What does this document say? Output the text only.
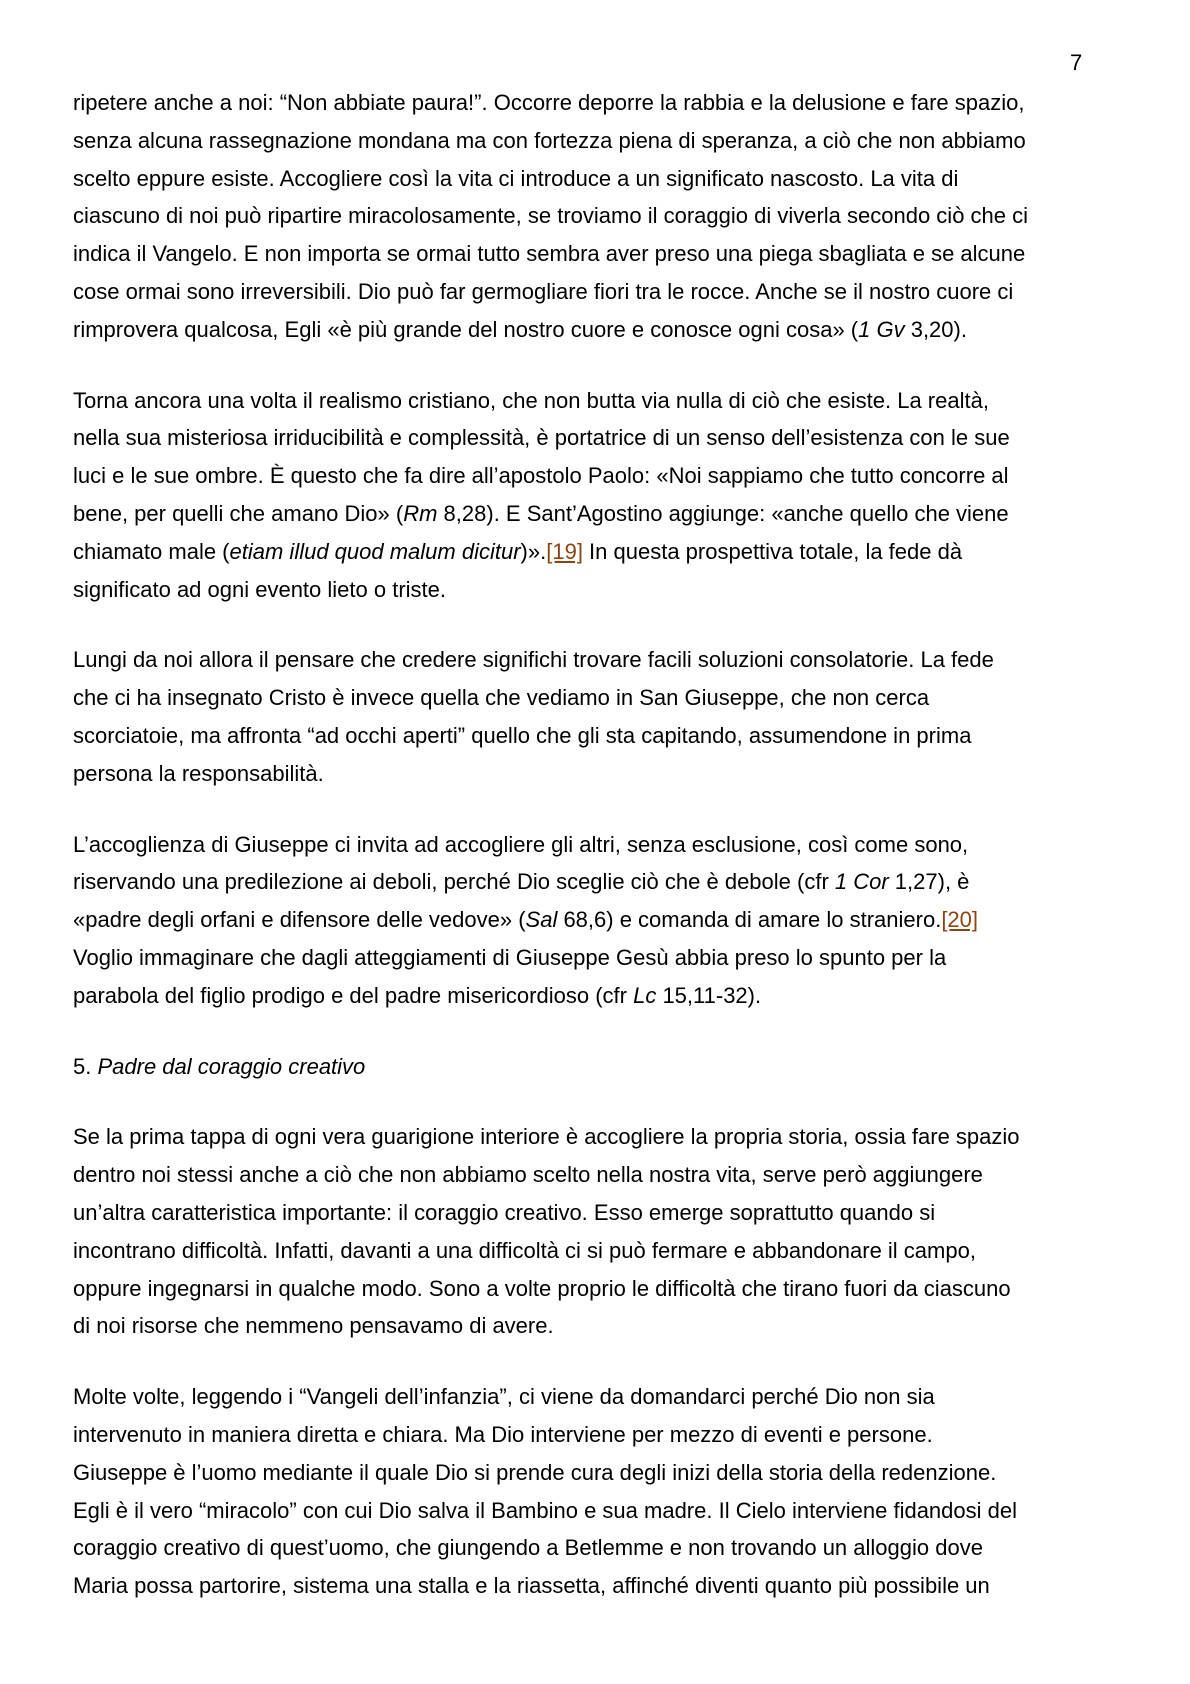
7

ripetere anche a noi: “Non abbiate paura!”. Occorre deporre la rabbia e la delusione e fare spazio,
senza alcuna rassegnazione mondana ma con fortezza piena di speranza, a ciò che non abbiamo
scelto eppure esiste. Accogliere così la vita ci introduce a un significato nascosto. La vita di
ciascuno di noi può ripartire miracolosamente, se troviamo il coraggio di viverla secondo ciò che ci
indica il Vangelo. E non importa se ormai tutto sembra aver preso una piega sbagliata e se alcune
cose ormai sono irreversibili. Dio può far germogliare fiori tra le rocce. Anche se il nostro cuore ci
rimprovera qualcosa, Egli «è più grande del nostro cuore e conosce ogni cosa» (1 Gv 3,20).

Torna ancora una volta il realismo cristiano, che non butta via nulla di ciò che esiste. La realtà,
nella sua misteriosa irriducibilità e complessità, è portatrice di un senso dell’esistenza con le sue
luci e le sue ombre. È questo che fa dire all’apostolo Paolo: «Noi sappiamo che tutto concorre al
bene, per quelli che amano Dio» (Rm 8,28). E Sant’Agostino aggiunge: «anche quello che viene
chiamato male (etiam illud quod malum dicitur)».[19] In questa prospettiva totale, la fede dà
significato ad ogni evento lieto o triste.

Lungi da noi allora il pensare che credere significhi trovare facili soluzioni consolatorie. La fede
che ci ha insegnato Cristo è invece quella che vediamo in San Giuseppe, che non cerca
scorciatoie, ma affronta “ad occhi aperti” quello che gli sta capitando, assumendone in prima
persona la responsabilità.

L’accoglienza di Giuseppe ci invita ad accogliere gli altri, senza esclusione, così come sono,
riservando una predilezione ai deboli, perché Dio sceglie ciò che è debole (cfr 1 Cor 1,27), è
«padre degli orfani e difensore delle vedove» (Sal 68,6) e comanda di amare lo straniero.[20]
Voglio immaginare che dagli atteggiamenti di Giuseppe Gesù abbia preso lo spunto per la
parabola del figlio prodigo e del padre misericordioso (cfr Lc 15,11-32).

5. Padre dal coraggio creativo

Se la prima tappa di ogni vera guarigione interiore è accogliere la propria storia, ossia fare spazio
dentro noi stessi anche a ciò che non abbiamo scelto nella nostra vita, serve però aggiungere
un’altra caratteristica importante: il coraggio creativo. Esso emerge soprattutto quando si
incontrano difficoltà. Infatti, davanti a una difficoltà ci si può fermare e abbandonare il campo,
oppure ingegnarsi in qualche modo. Sono a volte proprio le difficoltà che tirano fuori da ciascuno
di noi risorse che nemmeno pensavamo di avere.

Molte volte, leggendo i “Vangeli dell’infanzia”, ci viene da domandarci perché Dio non sia
intervenuto in maniera diretta e chiara. Ma Dio interviene per mezzo di eventi e persone.
Giuseppe è l’uomo mediante il quale Dio si prende cura degli inizi della storia della redenzione.
Egli è il vero “miracolo” con cui Dio salva il Bambino e sua madre. Il Cielo interviene fidandosi del
coraggio creativo di quest’uomo, che giungendo a Betlemme e non trovando un alloggio dove
Maria possa partorire, sistema una stalla e la riassetta, affinché diventi quanto più possibile un
